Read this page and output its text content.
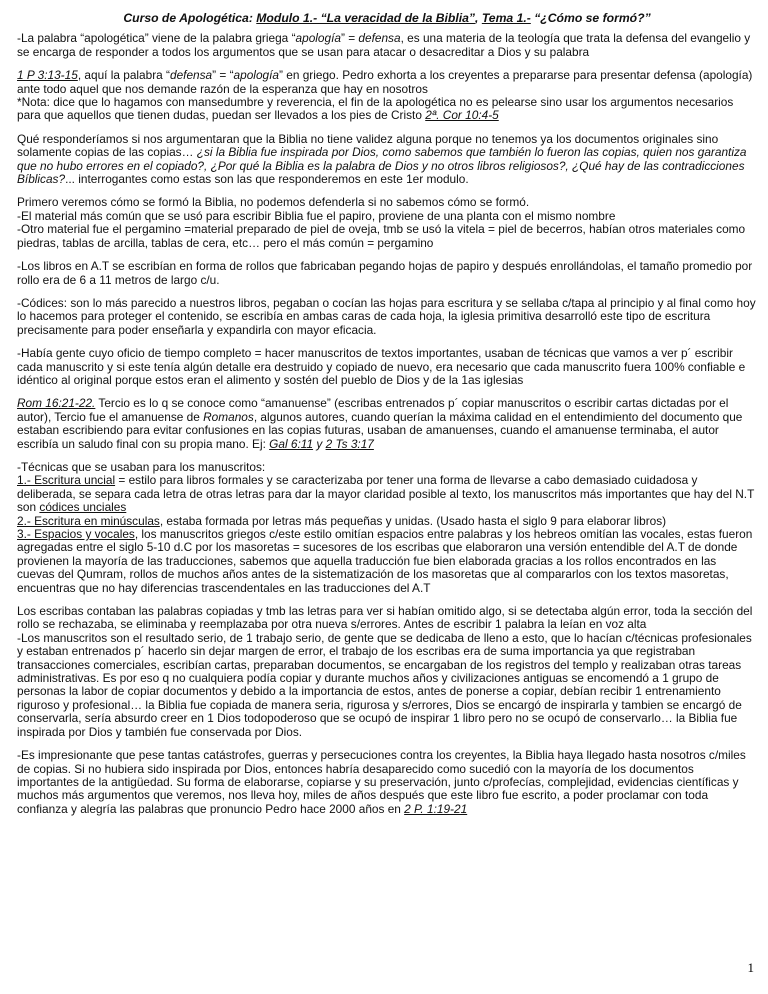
Curso de Apologética: Modulo 1.- “La veracidad de la Biblia”, Tema 1.- “¿Cómo se formó?”

-La palabra “apologética” viene de la palabra griega “apología” = defensa, es una materia de la teología que trata la defensa del evangelio y se encarga de responder a todos los argumentos que se usan para atacar o desacreditar a Dios y su palabra

1 P 3:13-15, aquí la palabra “defensa” = “apología” en griego. Pedro exhorta a los creyentes a prepararse para presentar defensa (apología) ante todo aquel que nos demande razón de la esperanza que hay en nosotros
*Nota: dice que lo hagamos con mansedumbre y reverencia, el fin de la apologética no es pelearse sino usar los argumentos necesarios para que aquellos que tienen dudas, puedan ser llevados a los pies de Cristo 2ª. Cor 10:4-5

Qué responderíamos si nos argumentaran que la Biblia no tiene validez alguna porque no tenemos ya los documentos originales sino solamente copias de las copias… ¿si la Biblia fue inspirada por Dios, como sabemos que también lo fueron las copias, quien nos garantiza que no hubo errores en el copiado?, ¿Por qué la Biblia es la palabra de Dios y no otros libros religiosos?, ¿Qué hay de las contradicciones Bíblicas?... interrogantes como estas son las que responderemos en este 1er modulo.

Primero veremos cómo se formó la Biblia, no podemos defenderla si no sabemos cómo se formó.
-El material más común que se usó para escribir Biblia fue el papiro, proviene de una planta con el mismo nombre
-Otro material fue el pergamino =material preparado de piel de oveja, tmb se usó la vitela = piel de becerros, habían otros materiales como piedras, tablas de arcilla, tablas de cera, etc… pero el más común = pergamino

-Los libros en A.T se escribían en forma de rollos que fabricaban pegando hojas de papiro y después enrollándolas, el tamaño promedio por rollo era de 6 a 11 metros de largo c/u.

-Códices: son lo más parecido a nuestros libros, pegaban o cocían las hojas para escritura y se sellaba c/tapa al principio y al final como hoy lo hacemos para proteger el contenido, se escribía en ambas caras de cada hoja, la iglesia primitiva desarrolló este tipo de escritura precisamente para poder enseñarla y expandirla con mayor eficacia.

-Había gente cuyo oficio de tiempo completo = hacer manuscritos de textos importantes, usaban de técnicas que vamos a ver p´ escribir cada manuscrito y si este tenía algún detalle era destruido y copiado de nuevo, era necesario que cada manuscrito fuera 100% confiable e idéntico al original porque estos eran el alimento y sostén del pueblo de Dios y de la 1as iglesias

Rom 16:21-22. Tercio es lo q se conoce como “amanuense” (escribas entrenados p´ copiar manuscritos o escribir cartas dictadas por el autor), Tercio fue el amanuense de Romanos, algunos autores, cuando querían la máxima calidad en el entendimiento del documento que estaban escribiendo para evitar confusiones en las copias futuras, usaban de amanuenses, cuando el amanuense terminaba, el autor escribía un saludo final con su propia mano. Ej: Gal 6:11 y 2 Ts 3:17

-Técnicas que se usaban para los manuscritos:
1.- Escritura uncial = estilo para libros formales y se caracterizaba por tener una forma de llevarse a cabo demasiado cuidadosa y deliberada, se separa cada letra de otras letras para dar la mayor claridad posible al texto, los manuscritos más importantes que hay del N.T son códices unciales
2.- Escritura en minúsculas, estaba formada por letras más pequeñas y unidas. (Usado hasta el siglo 9 para elaborar libros)
3.- Espacios y vocales, los manuscritos griegos c/este estilo omitían espacios entre palabras y los hebreos omitían las vocales, estas fueron agregadas entre el siglo 5-10 d.C por los masoretas = sucesores de los escribas que elaboraron una versión entendible del A.T de donde provienen la mayoría de las traducciones, sabemos que aquella traducción fue bien elaborada gracias a los rollos encontrados en las cuevas del Qumram, rollos de muchos años antes de la sistematización de los masoretas que al compararlos con los textos masoretas, encuentras que no hay diferencias trascendentales en las traducciones del A.T

Los escribas contaban las palabras copiadas y tmb las letras para ver si habían omitido algo, si se detectaba algún error, toda la sección del rollo se rechazaba, se eliminaba y reemplazaba por otra nueva s/errores. Antes de escribir 1 palabra la leían en voz alta
-Los manuscritos son el resultado serio, de 1 trabajo serio, de gente que se dedicaba de lleno a esto, que lo hacían c/técnicas profesionales y estaban entrenados p´ hacerlo sin dejar margen de error, el trabajo de los escribas era de suma importancia ya que registraban transacciones comerciales, escribían cartas, preparaban documentos, se encargaban de los registros del templo y realizaban otras tareas administrativas. Es por eso q no cualquiera podía copiar y durante muchos años y civilizaciones antiguas se encomendó a 1 grupo de personas la labor de copiar documentos y debido a la importancia de estos, antes de ponerse a copiar, debían recibir 1 entrenamiento riguroso y profesional… la Biblia fue copiada de manera seria, rigurosa y s/errores, Dios se encargó de inspirarla y tambien se encargó de conservarla, sería absurdo creer en 1 Dios todopoderoso que se ocupó de inspirar 1 libro pero no se ocupó de conservarlo… la Biblia fue inspirada por Dios y también fue conservada por Dios.

-Es impresionante que pese tantas catástrofes, guerras y persecuciones contra los creyentes, la Biblia haya llegado hasta nosotros c/miles de copias. Si no hubiera sido inspirada por Dios, entonces habría desaparecido como sucedió con la mayoría de los documentos importantes de la antigüedad. Su forma de elaborarse, copiarse y su preservación, junto c/profecías, complejidad, evidencias científicas y muchos más argumentos que veremos, nos lleva hoy, miles de años después que este libro fue escrito, a poder proclamar con toda confianza y alegría las palabras que pronuncio Pedro hace 2000 años en 2 P. 1:19-21

1
